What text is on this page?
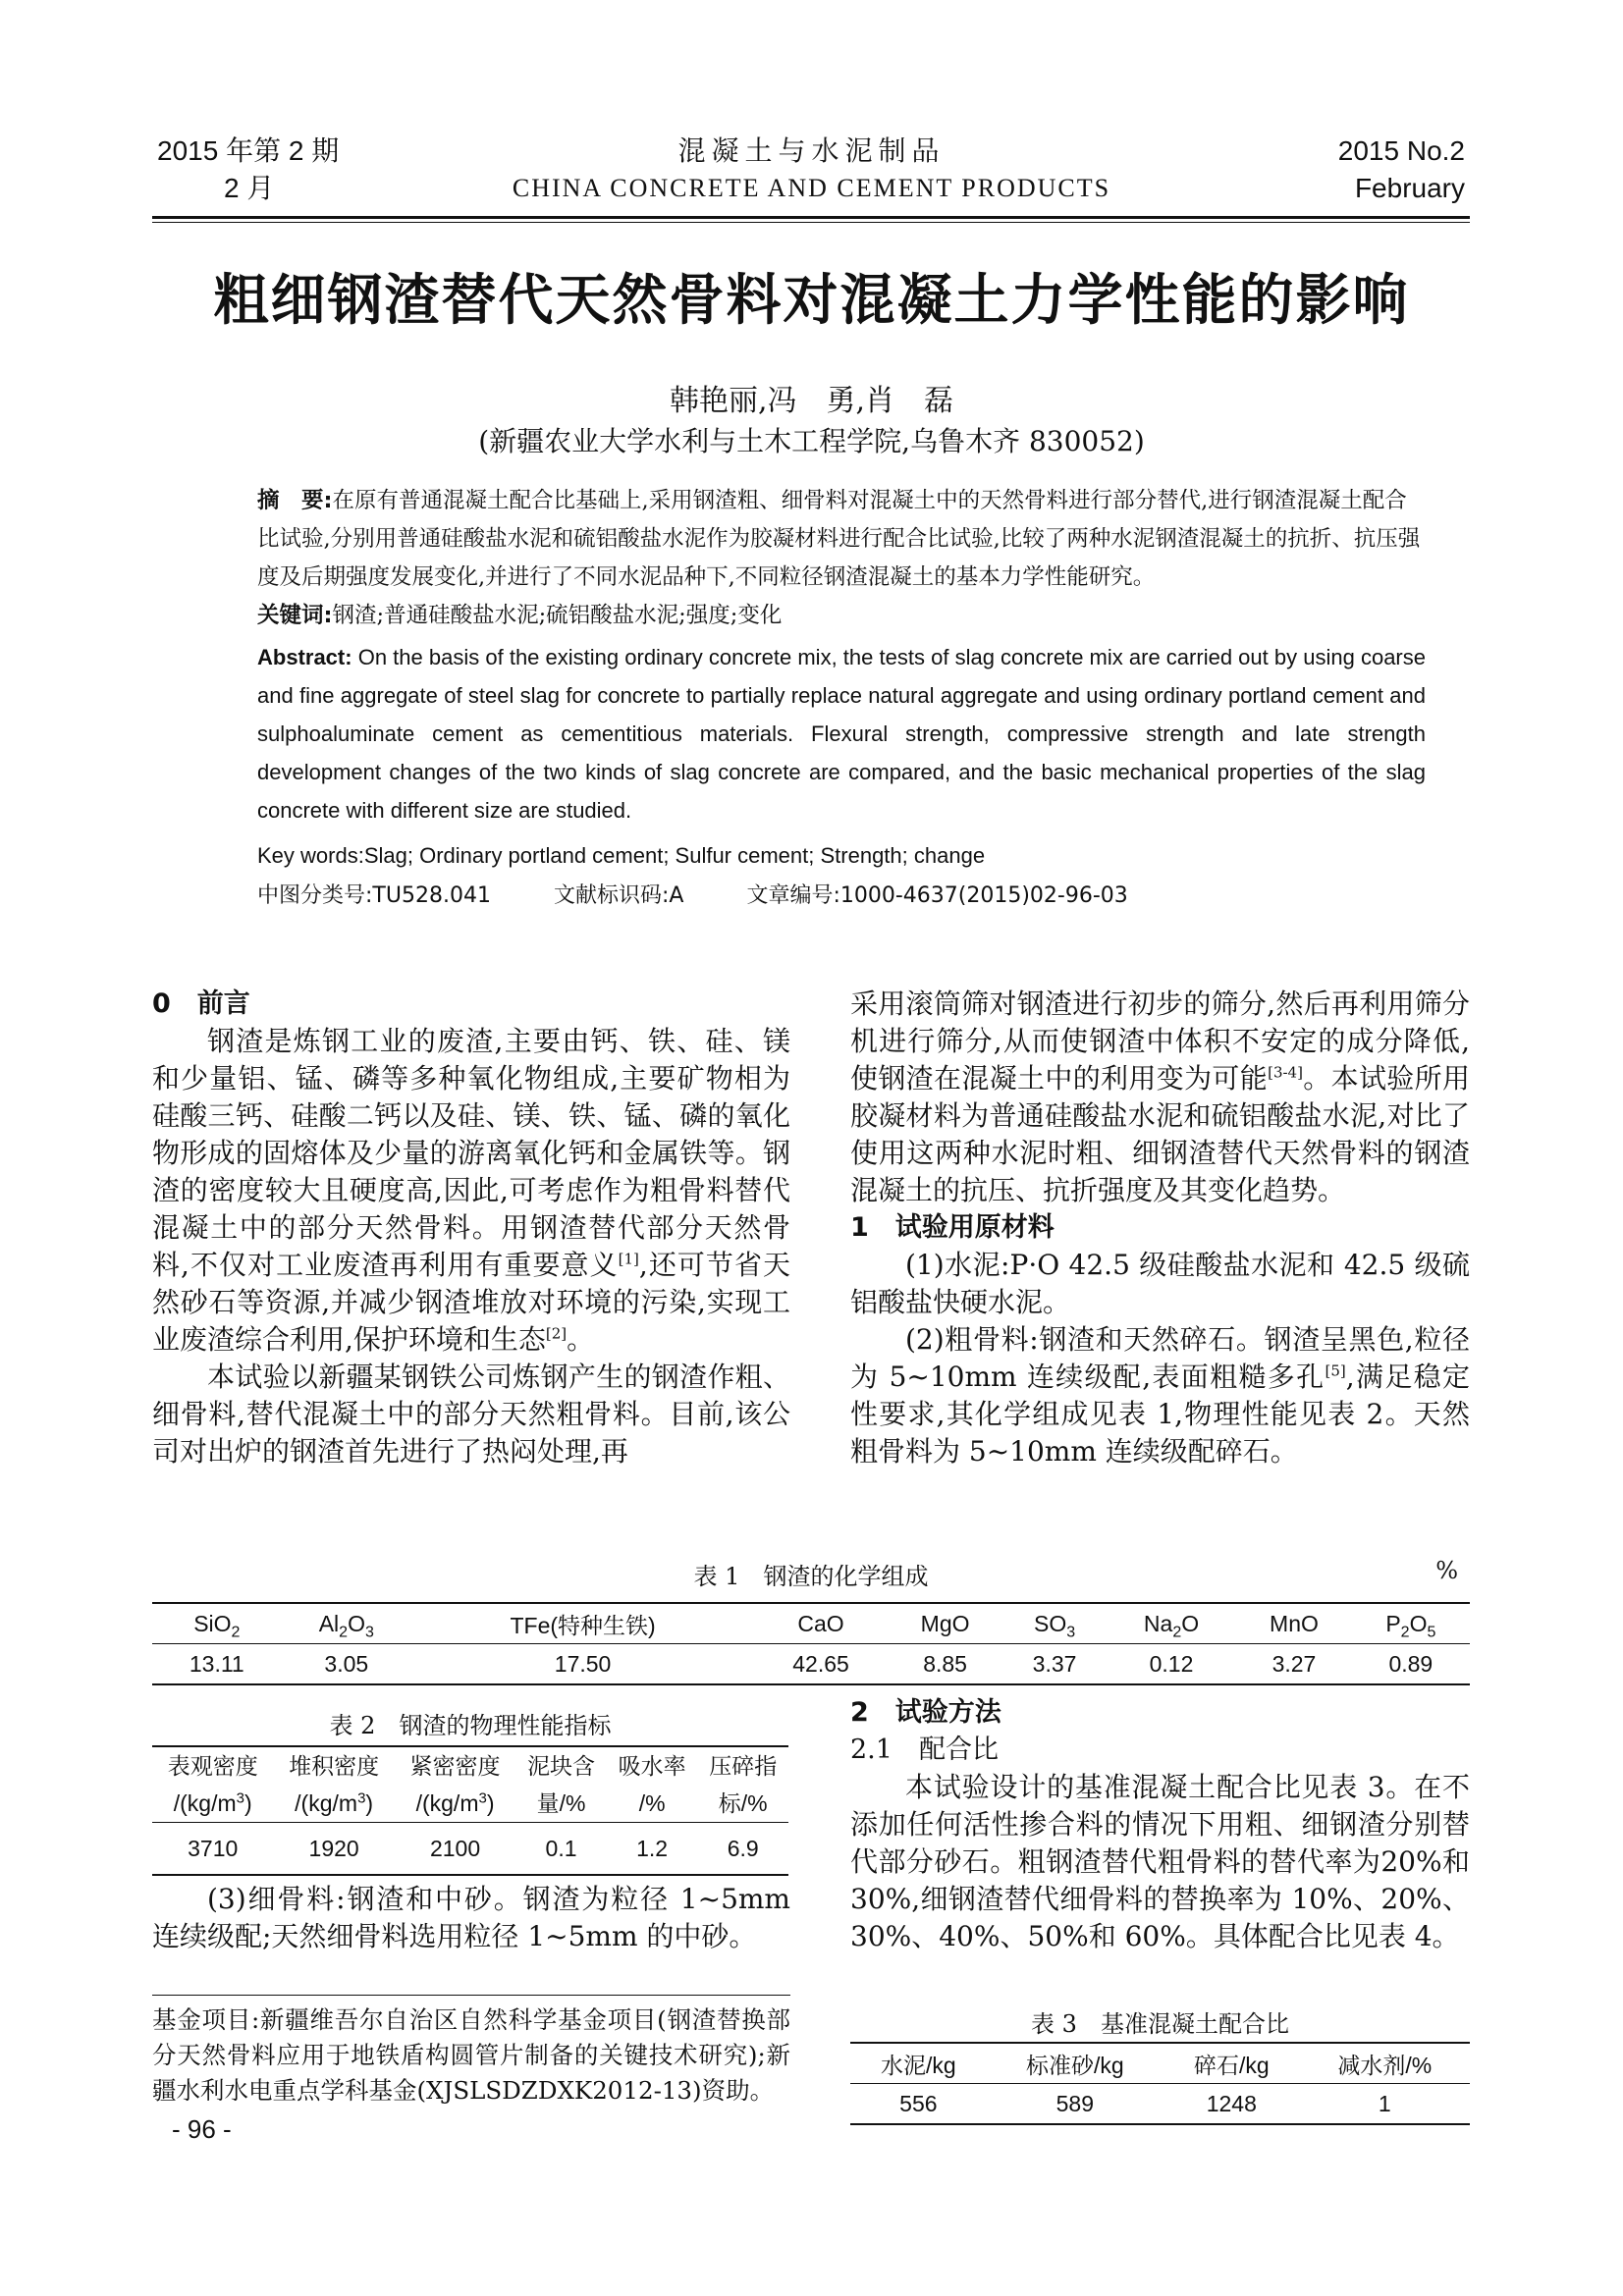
2015 年第 2 期
2 月
混凝土与水泥制品
CHINA CONCRETE AND CEMENT PRODUCTS
2015 No.2
February
粗细钢渣替代天然骨料对混凝土力学性能的影响
韩艳丽,冯　勇,肖　磊
(新疆农业大学水利与土木工程学院,乌鲁木齐 830052)
摘　要:在原有普通混凝土配合比基础上,采用钢渣粗、细骨料对混凝土中的天然骨料进行部分替代,进行钢渣混凝土配合比试验,分别用普通硅酸盐水泥和硫铝酸盐水泥作为胶凝材料进行配合比试验,比较了两种水泥钢渣混凝土的抗折、抗压强度及后期强度发展变化,并进行了不同水泥品种下,不同粒径钢渣混凝土的基本力学性能研究。
关键词:钢渣;普通硅酸盐水泥;硫铝酸盐水泥;强度;变化
Abstract: On the basis of the existing ordinary concrete mix, the tests of slag concrete mix are carried out by using coarse and fine aggregate of steel slag for concrete to partially replace natural aggregate and using ordinary portland cement and sulphoaluminate cement as cementitious materials. Flexural strength, compressive strength and late strength development changes of the two kinds of slag concrete are compared, and the basic mechanical properties of the slag concrete with different size are studied.
Key words:Slag; Ordinary portland cement; Sulfur cement; Strength; change
中图分类号:TU528.041	文献标识码:A	文章编号:1000-4637(2015)02-96-03

0　前言

钢渣是炼钢工业的废渣,主要由钙、铁、硅、镁和少量铝、锰、磷等多种氧化物组成,主要矿物相为硅酸三钙、硅酸二钙以及硅、镁、铁、锰、磷的氧化物形成的固熔体及少量的游离氧化钙和金属铁等。钢渣的密度较大且硬度高,因此,可考虑作为粗骨料替代混凝土中的部分天然骨料。用钢渣替代部分天然骨料,不仅对工业废渣再利用有重要意义[1],还可节省天然砂石等资源,并减少钢渣堆放对环境的污染,实现工业废渣综合利用,保护环境和生态[2]。

本试验以新疆某钢铁公司炼钢产生的钢渣作粗、细骨料,替代混凝土中的部分天然粗骨料。目前,该公司对出炉的钢渣首先进行了热闷处理,再

采用滚筒筛对钢渣进行初步的筛分,然后再利用筛分机进行筛分,从而使钢渣中体积不安定的成分降低,使钢渣在混凝土中的利用变为可能[3-4]。本试验所用胶凝材料为普通硅酸盐水泥和硫铝酸盐水泥,对比了使用这两种水泥时粗、细钢渣替代天然骨料的钢渣混凝土的抗压、抗折强度及其变化趋势。

1　试验用原材料

(1)水泥:P·O 42.5 级硅酸盐水泥和 42.5 级硫铝酸盐快硬水泥。

(2)粗骨料:钢渣和天然碎石。钢渣呈黑色,粒径为 5~10mm 连续级配,表面粗糙多孔[5],满足稳定性要求,其化学组成见表 1,物理性能见表 2。天然粗骨料为 5~10mm 连续级配碎石。

表 1　钢渣的化学组成	%
SiO$_2$	$Al_2O_3$	TFe(特种生铁)	CaO	MgO	$SO_3$	$Na_2O$	MnO	$P_2O_5$
13.11	3.05	17.50	42.65	8.85	3.37	0.12	3.27	0.89
表 2　钢渣的物理性能指标
表观密度	堆积密度	紧密密度	泥块含	吸水率	压碎指
$/(kg/m^3)$	$/(kg/m^3)$	$/(kg/m^3)$	量/%	/%	标/%
3710	1920	2100	0.1	1.2	6.9

(3)细骨料:钢渣和中砂。钢渣为粒径 1~5mm 连续级配;天然细骨料选用粒径 1~5mm 的中砂。

2　试验方法

2.1　配合比

本试验设计的基准混凝土配合比见表 3。在不添加任何活性掺合料的情况下用粗、细钢渣分别替代部分砂石。粗钢渣替代粗骨料的替代率为20%和30%,细钢渣替代细骨料的替换率为 10%、20%、30%、40%、50%和 60%。具体配合比见表 4。

表 3　基准混凝土配合比
水泥/kg	标准砂/kg	碎石/kg	减水剂/%
556	589	1248	1
基金项目:新疆维吾尔自治区自然科学基金项目(钢渣替换部分天然骨料应用于地铁盾构圆管片制备的关键技术研究);新疆水利水电重点学科基金(XJSLSDZDXK2012-13)资助。
- 96 -
